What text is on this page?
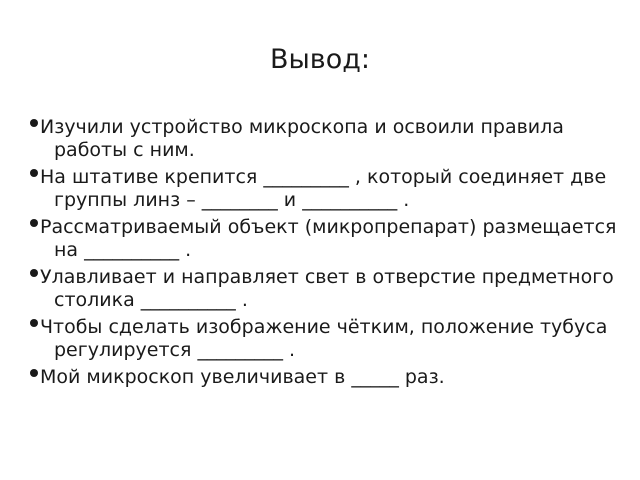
Вывод:
Изучили устройство микроскопа и освоили правила работы с ним.
На штативе крепится _________ , который соединяет две группы линз – ________ и __________ .
Рассматриваемый объект (микропрепарат) размещается на __________ .
Улавливает и направляет свет в отверстие предметного столика __________ .
Чтобы сделать изображение чётким, положение тубуса регулируется _________ .
Мой микроскоп увеличивает в _____ раз.
